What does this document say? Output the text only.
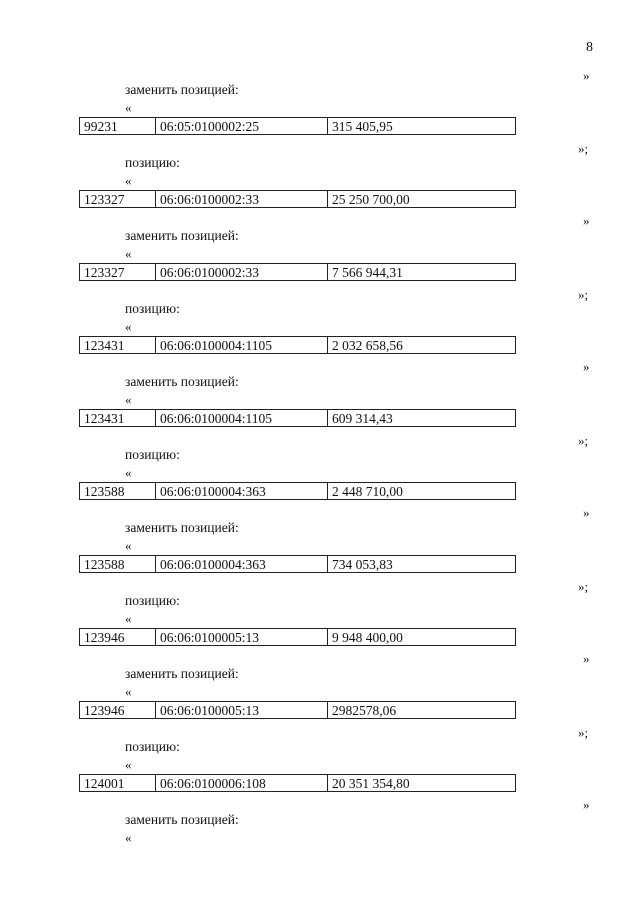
8
»
заменить позицией:
«
99231	06:05:0100002:25	315 405,95
»;
позицию:
«
123327	06:06:0100002:33	25 250 700,00
»
заменить позицией:
«
123327	06:06:0100002:33	7 566 944,31
»;
позицию:
«
123431	06:06:0100004:1105	2 032 658,56
»
заменить позицией:
«
123431	06:06:0100004:1105	609 314,43
»;
позицию:
«
123588	06:06:0100004:363	2 448 710,00
»
заменить позицией:
«
123588	06:06:0100004:363	734 053,83
»;
позицию:
«
123946	06:06:0100005:13	9 948 400,00
»
заменить позицией:
«
123946	06:06:0100005:13	2982578,06
»;
позицию:
«
124001	06:06:0100006:108	20 351 354,80
»
заменить позицией:
«
